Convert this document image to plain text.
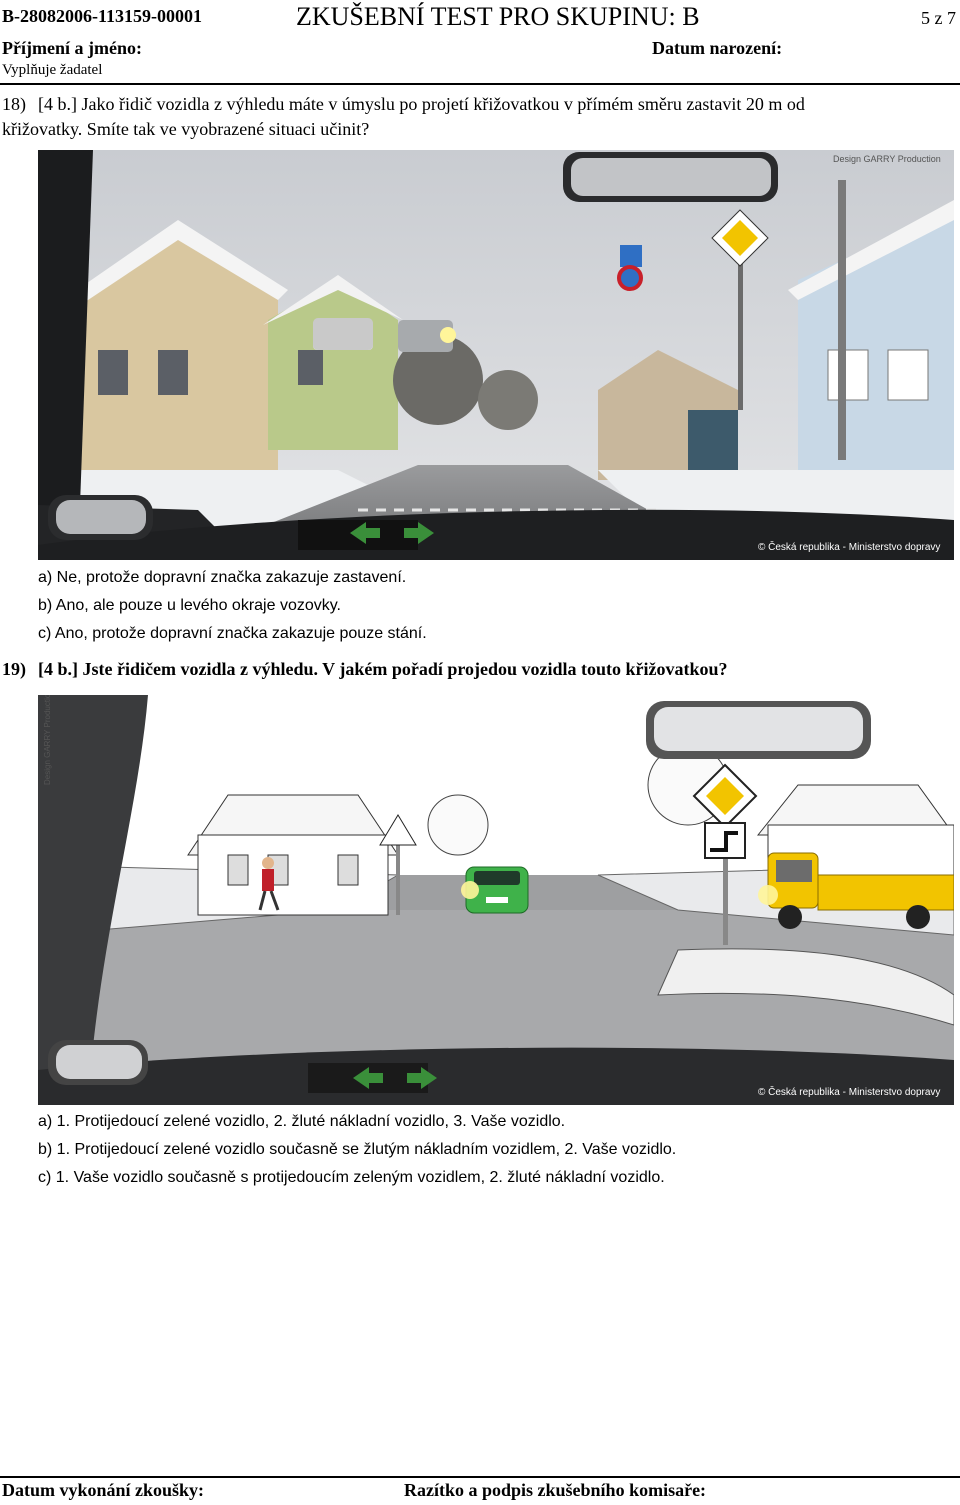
B-28082006-113159-00001	ZKUŠEBNÍ TEST PRO SKUPINU: B	5 z 7
Příjmení a jméno:	Datum narození:
Vyplňuje žadatel
18) [4 b.] Jako řidič vozidla z výhledu máte v úmyslu po projetí křižovatkou v přímém směru zastavit 20 m od
křižovatky. Smíte tak ve vyobrazené situaci učinit?
Design GARRY Production
© Česká republika - Ministerstvo dopravy
a) Ne, protože dopravní značka zakazuje zastavení.
b) Ano, ale pouze u levého okraje vozovky.
c) Ano, protože dopravní značka zakazuje pouze stání.
19) [4 b.] Jste řidičem vozidla z výhledu. V jakém pořadí projedou vozidla touto křižovatkou?
Design GARRY Production
© Česká republika - Ministerstvo dopravy
a) 1. Protijedoucí zelené vozidlo, 2. žluté nákladní vozidlo, 3. Vaše vozidlo.
b) 1. Protijedoucí zelené vozidlo současně se žlutým nákladním vozidlem, 2. Vaše vozidlo.
c) 1. Vaše vozidlo současně s protijedoucím zeleným vozidlem, 2. žluté nákladní vozidlo.
Datum vykonání zkoušky:	Razítko a podpis zkušebního komisaře:
